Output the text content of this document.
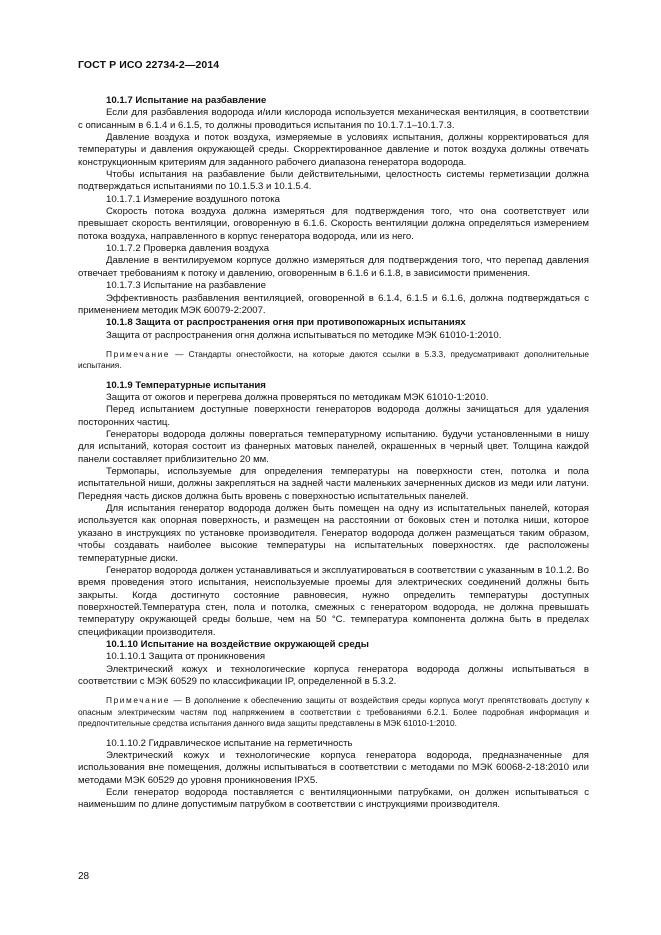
ГОСТ Р ИСО 22734-2—2014

10.1.7 Испытание на разбавление

Если для разбавления водорода и/или кислорода используется механическая вентиляция, в соответствии с описанным в 6.1.4 и 6.1.5, то должны проводиться испытания по 10.1.7.1–10.1.7.3.

Давление воздуха и поток воздуха, измеряемые в условиях испытания, должны корректироваться для температуры и давления окружающей среды. Скорректированное давление и поток воздуха должны отвечать конструкционным критериям для заданного рабочего диапазона генератора водорода.

Чтобы испытания на разбавление были действительными, целостность системы герметизации должна подтверждаться испытаниями по 10.1.5.3 и 10.1.5.4.

10.1.7.1 Измерение воздушного потока

Скорость потока воздуха должна измеряться для подтверждения того, что она соответствует или превышает скорость вентиляции, оговоренную в 6.1.6. Скорость вентиляции должна определяться измерением потока воздуха, направленного в корпус генератора водорода, или из него.

10.1.7.2 Проверка давления воздуха

Давление в вентилируемом корпусе должно измеряться для подтверждения того, что перепад давления отвечает требованиям к потоку и давлению, оговоренным в 6.1.6 и 6.1.8, в зависимости применения.

10.1.7.3 Испытание на разбавление

Эффективность разбавления вентиляцией, оговоренной в 6.1.4, 6.1.5 и 6.1.6, должна подтверждаться с применением методик МЭК 60079-2:2007.

10.1.8 Защита от распространения огня при противопожарных испытаниях

Защита от распространения огня должна испытываться по методике МЭК 61010-1:2010.

Примечание — Стандарты огнестойкости, на которые даются ссылки в 5.3.3, предусматривают дополнительные испытания.

10.1.9 Температурные испытания

Защита от ожогов и перегрева должна проверяться по методикам МЭК 61010-1:2010.

Перед испытанием доступные поверхности генераторов водорода должны зачищаться для удаления посторонних частиц.

Генераторы водорода должны повергаться температурному испытанию. будучи установленными в нишу для испытаний, которая состоит из фанерных матовых панелей, окрашенных в черный цвет. Толщина каждой панели составляет приблизительно 20 мм.

Термопары, используемые для определения температуры на поверхности стен, потолка и пола испытательной ниши, должны закрепляться на задней части маленьких зачерненных дисков из меди или латуни. Передняя часть дисков должна быть вровень с поверхностью испытательных панелей.

Для испытания генератор водорода должен быть помещен на одну из испытательных панелей, которая используется как опорная поверхность, и размещен на расстоянии от боковых стен и потолка ниши, которое указано в инструкциях по установке производителя. Генератор водорода должен размещаться таким образом, чтобы создавать наиболее высокие температуры на испытательных поверхностях. где расположены температурные диски.

Генератор водорода должен устанавливаться и эксплуатироваться в соответствии с указанным в 10.1.2. Во время проведения этого испытания, неиспользуемые проемы для электрических соединений должны быть закрыты. Когда достигнуто состояние равновесия, нужно определить температуры доступных поверхностей.Температура стен, пола и потолка, смежных с генератором водорода, не должна превышать температуру окружающей среды больше, чем на 50 °С. температура компонента должна быть в пределах спецификации производителя.

10.1.10 Испытание на воздействие окружающей среды

10.1.10.1 Защита от проникновения

Электрический кожух и технологические корпуса генератора водорода должны испытываться в соответствии с МЭК 60529 по классификации IP, определенной в 5.3.2.

Примечание — В дополнение к обеспечению защиты от воздействия среды корпуса могут препятствовать доступу к опасным электрическим частям под напряжением в соответствии с требованиями 6.2.1. Более подробная информация и предпочтительные средства испытания данного вида защиты представлены в МЭК 61010-1:2010.

10.1.10.2 Гидравлическое испытание на герметичность

Электрический кожух и технологические корпуса генератора водорода, предназначенные для использования вне помещения, должны испытываться в соответствии с методами по МЭК 60068-2-18:2010 или методами МЭК 60529 до уровня проникновения IPX5.

Если генератор водорода поставляется с вентиляционными патрубками, он должен испытываться с наименьшим по длине допустимым патрубком в соответствии с инструкциями производителя.

28
